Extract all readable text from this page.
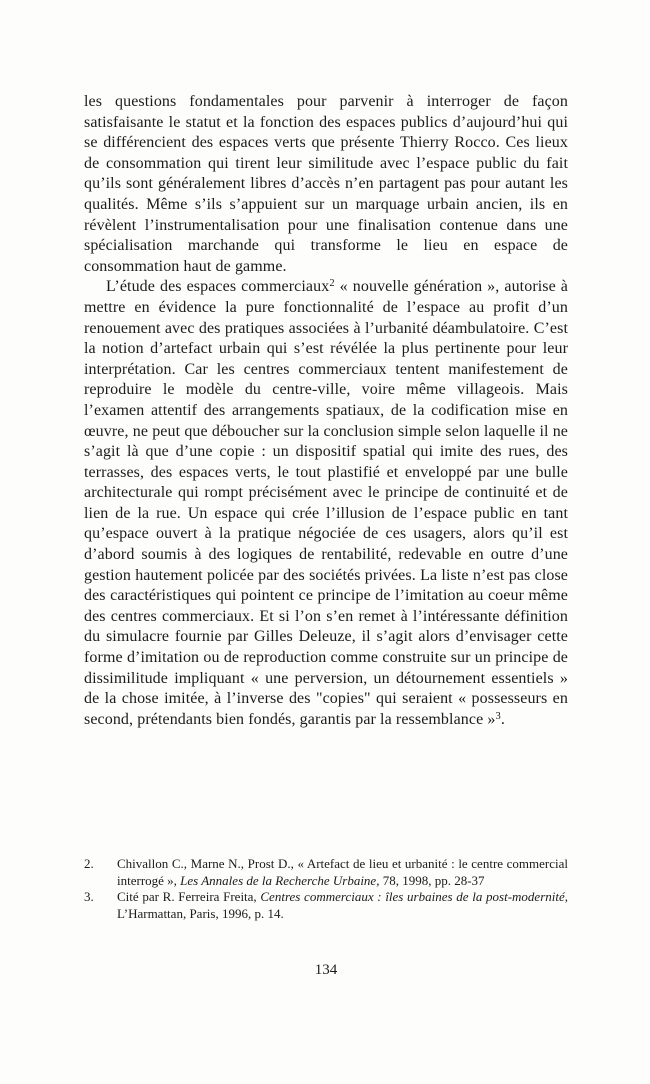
les questions fondamentales pour parvenir à interroger de façon satisfaisante le statut et la fonction des espaces publics d’aujourd’hui qui se différencient des espaces verts que présente Thierry Rocco. Ces lieux de consommation qui tirent leur similitude avec l’espace public du fait qu’ils sont généralement libres d’accès n’en partagent pas pour autant les qualités. Même s’ils s’appuient sur un marquage urbain ancien, ils en révèlent l’instrumentalisation pour une finalisation contenue dans une spécialisation marchande qui transforme le lieu en espace de consommation haut de gamme.

L’étude des espaces commerciaux$^2$ « nouvelle génération », autorise à mettre en évidence la pure fonctionnalité de l’espace au profit d’un renouement avec des pratiques associées à l’urbanité déambulatoire. C’est la notion d’artefact urbain qui s’est révélée la plus pertinente pour leur interprétation. Car les centres commerciaux tentent manifestement de reproduire le modèle du centre-ville, voire même villageois. Mais l’examen attentif des arrangements spatiaux, de la codification mise en œuvre, ne peut que déboucher sur la conclusion simple selon laquelle il ne s’agit là que d’une copie : un dispositif spatial qui imite des rues, des terrasses, des espaces verts, le tout plastifié et enveloppé par une bulle architecturale qui rompt précisément avec le principe de continuité et de lien de la rue. Un espace qui crée l’illusion de l’espace public en tant qu’espace ouvert à la pratique négociée de ces usagers, alors qu’il est d’abord soumis à des logiques de rentabilité, redevable en outre d’une gestion hautement policée par des sociétés privées. La liste n’est pas close des caractéristiques qui pointent ce principe de l’imitation au coeur même des centres commerciaux. Et si l’on s’en remet à l’intéressante définition du simulacre fournie par Gilles Deleuze, il s’agit alors d’envisager cette forme d’imitation ou de reproduction comme construite sur un principe de dissimilitude impliquant « une perversion, un détournement essentiels » de la chose imitée, à l’inverse des "copies" qui seraient « possesseurs en second, prétendants bien fondés, garantis par la ressemblance »$^3$.

2.	Chivallon C., Marne N., Prost D., « Artefact de lieu et urbanité : le centre commercial interrogé », Les Annales de la Recherche Urbaine, 78, 1998, pp. 28-37
3.	Cité par R. Ferreira Freita, Centres commerciaux : îles urbaines de la post-modernité, L’Harmattan, Paris, 1996, p. 14.
134
